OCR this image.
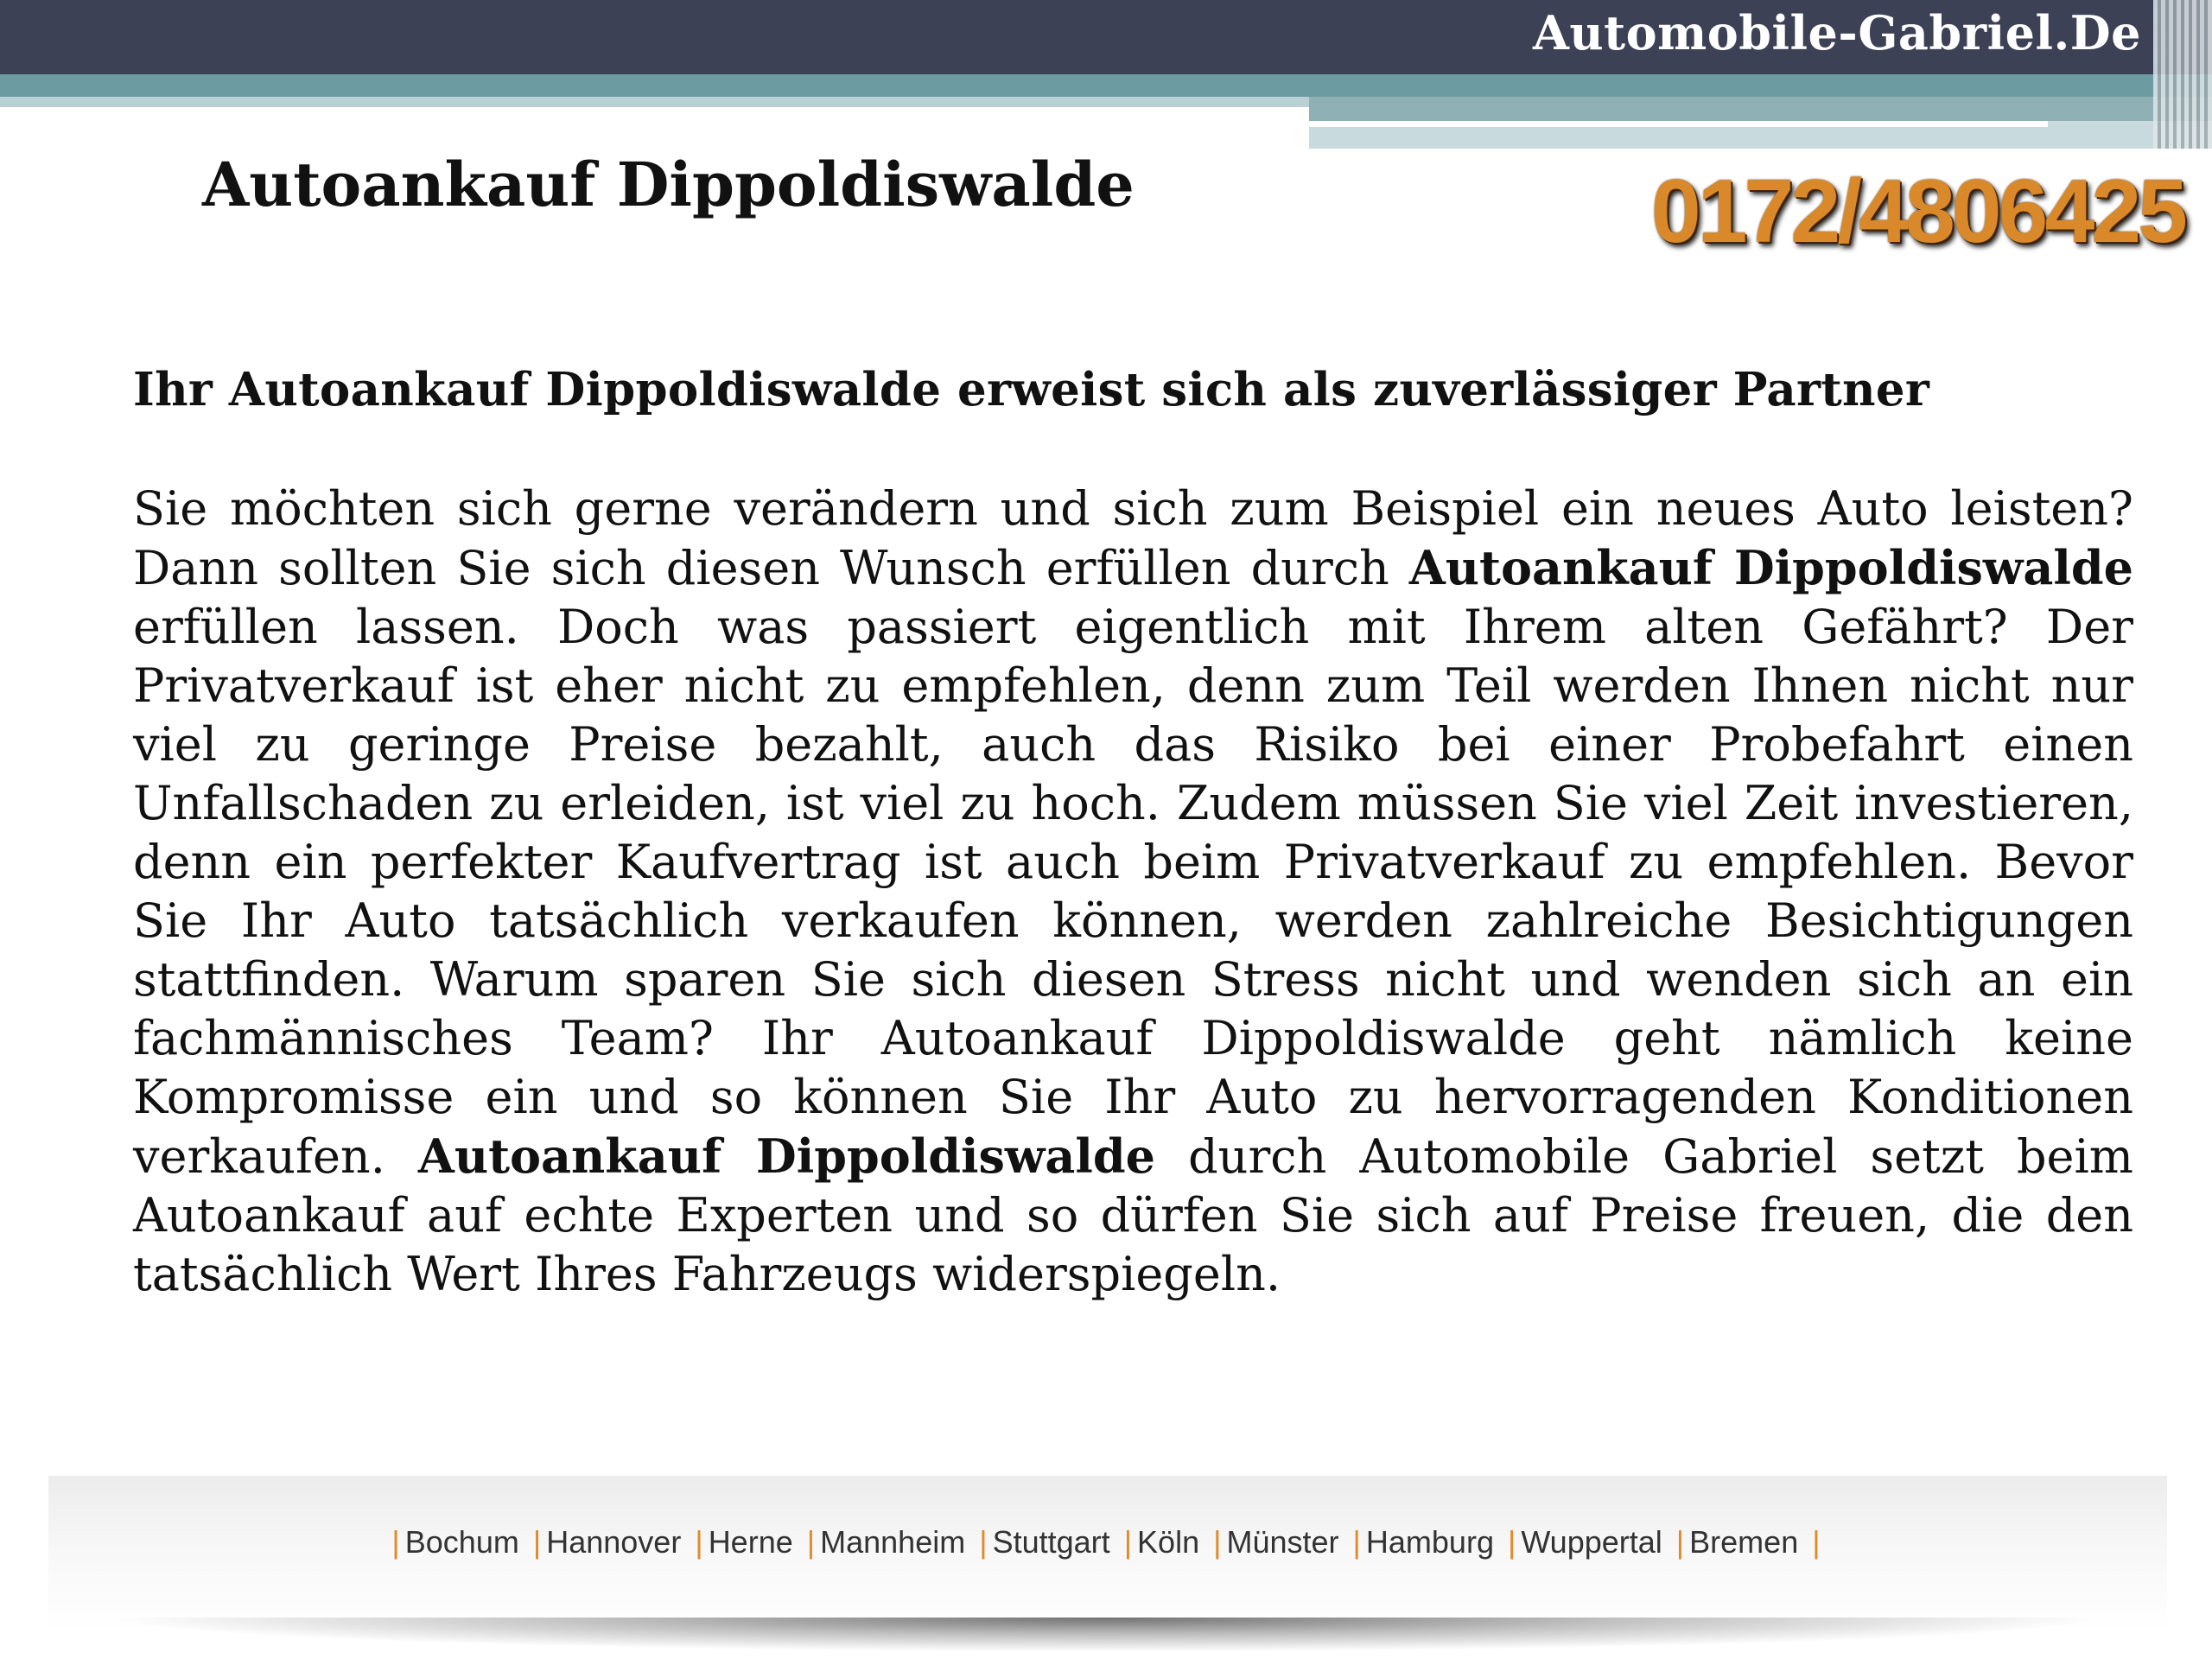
Automobile-Gabriel.De
Autoankauf Dippoldiswalde	0172/4806425
Ihr Autoankauf Dippoldiswalde erweist sich als zuverlässiger Partner

Sie möchten sich gerne verändern und sich zum Beispiel ein neues Auto leisten? Dann sollten Sie sich diesen Wunsch erfüllen durch Autoankauf Dippoldiswalde erfüllen lassen. Doch was passiert eigentlich mit Ihrem alten Gefährt? Der Privatverkauf ist eher nicht zu empfehlen, denn zum Teil werden Ihnen nicht nur viel zu geringe Preise bezahlt, auch das Risiko bei einer Probefahrt einen Unfallschaden zu erleiden, ist viel zu hoch. Zudem müssen Sie viel Zeit investieren, denn ein perfekter Kaufvertrag ist auch beim Privatverkauf zu empfehlen. Bevor Sie Ihr Auto tatsächlich verkaufen können, werden zahlreiche Besichtigungen stattfinden. Warum sparen Sie sich diesen Stress nicht und wenden sich an ein fachmännisches Team? Ihr Autoankauf Dippoldiswalde geht nämlich keine Kompromisse ein und so können Sie Ihr Auto zu hervorragenden Konditionen verkaufen. Autoankauf Dippoldiswalde durch Automobile Gabriel setzt beim Autoankauf auf echte Experten und so dürfen Sie sich auf Preise freuen, die den tatsächlich Wert Ihres Fahrzeugs widerspiegeln.

| Bochum | Hannover | Herne | Mannheim | Stuttgart | Köln | Münster | Hamburg | Wuppertal | Bremen |
